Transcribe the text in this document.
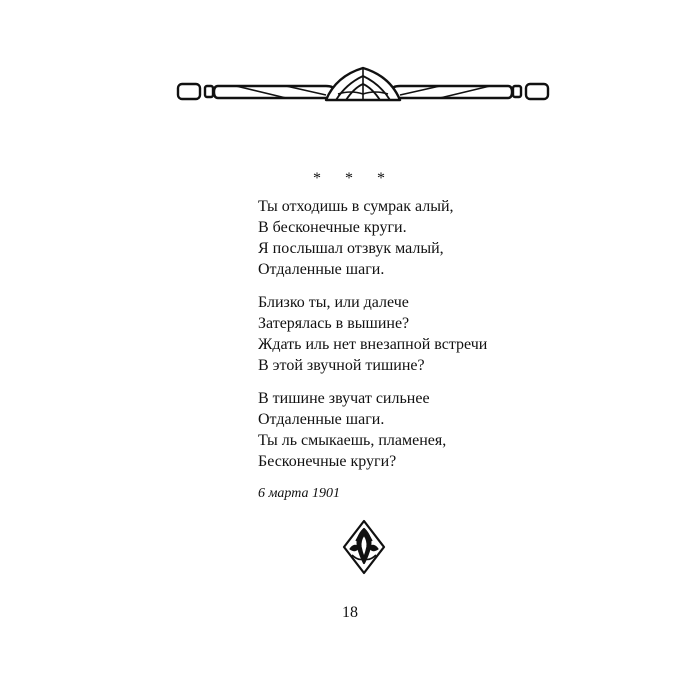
* * *
Ты отходишь в сумрак алый,
В бесконечные круги.
Я послышал отзвук малый,
Отдаленные шаги.
Близко ты, или далече
Затерялась в вышине?
Ждать иль нет внезапной встречи
В этой звучной тишине?
В тишине звучат сильнее
Отдаленные шаги.
Ты ль смыкаешь, пламенея,
Бесконечные круги?
6 марта 1901
18
